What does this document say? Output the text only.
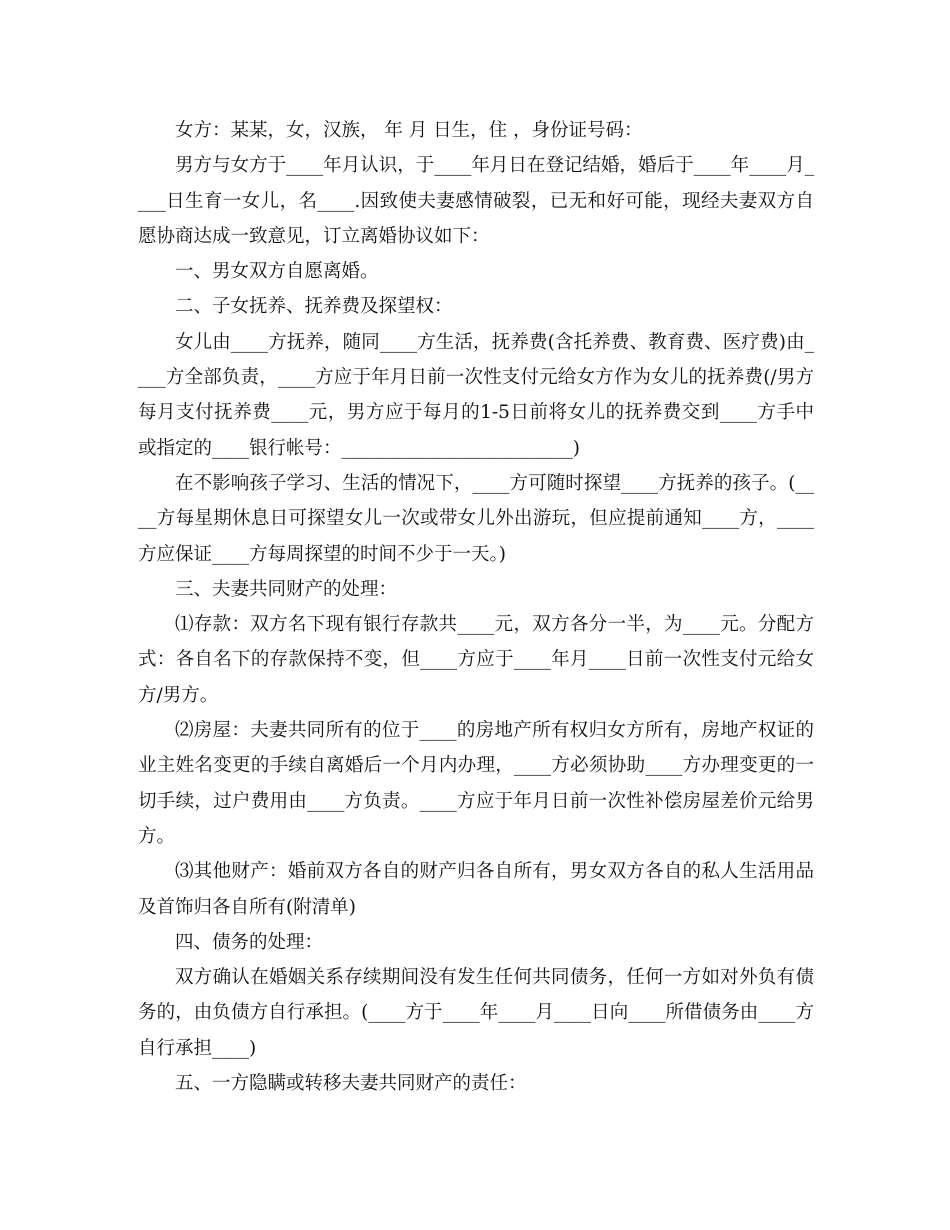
女方：某某，女，汉族， 年 月 日生，住 ，身份证号码：

男方与女方于____年月认识，于____年月日在登记结婚，婚后于____年____月____日生育一女儿，名____.因致使夫妻感情破裂，已无和好可能，现经夫妻双方自愿协商达成一致意见，订立离婚协议如下：

一、男女双方自愿离婚。

二、子女抚养、抚养费及探望权：

女儿由____方抚养，随同____方生活，抚养费(含托养费、教育费、医疗费)由____方全部负责，____方应于年月日前一次性支付元给女方作为女儿的抚养费(/男方每月支付抚养费____元，男方应于每月的1-5日前将女儿的抚养费交到____方手中或指定的____银行帐号：_________________________)

在不影响孩子学习、生活的情况下，____方可随时探望____方抚养的孩子。(____方每星期休息日可探望女儿一次或带女儿外出游玩，但应提前通知____方，____方应保证____方每周探望的时间不少于一天。)

三、夫妻共同财产的处理：

⑴存款：双方名下现有银行存款共____元，双方各分一半，为____元。分配方式：各自名下的存款保持不变，但____方应于____年月____日前一次性支付元给女方/男方。

⑵房屋：夫妻共同所有的位于____的房地产所有权归女方所有，房地产权证的业主姓名变更的手续自离婚后一个月内办理，____方必须协助____方办理变更的一切手续，过户费用由____方负责。____方应于年月日前一次性补偿房屋差价元给男方。

⑶其他财产：婚前双方各自的财产归各自所有，男女双方各自的私人生活用品及首饰归各自所有(附清单)

四、债务的处理：

双方确认在婚姻关系存续期间没有发生任何共同债务，任何一方如对外负有债务的，由负债方自行承担。(____方于____年____月____日向____所借债务由____方自行承担____)

五、一方隐瞒或转移夫妻共同财产的责任：
